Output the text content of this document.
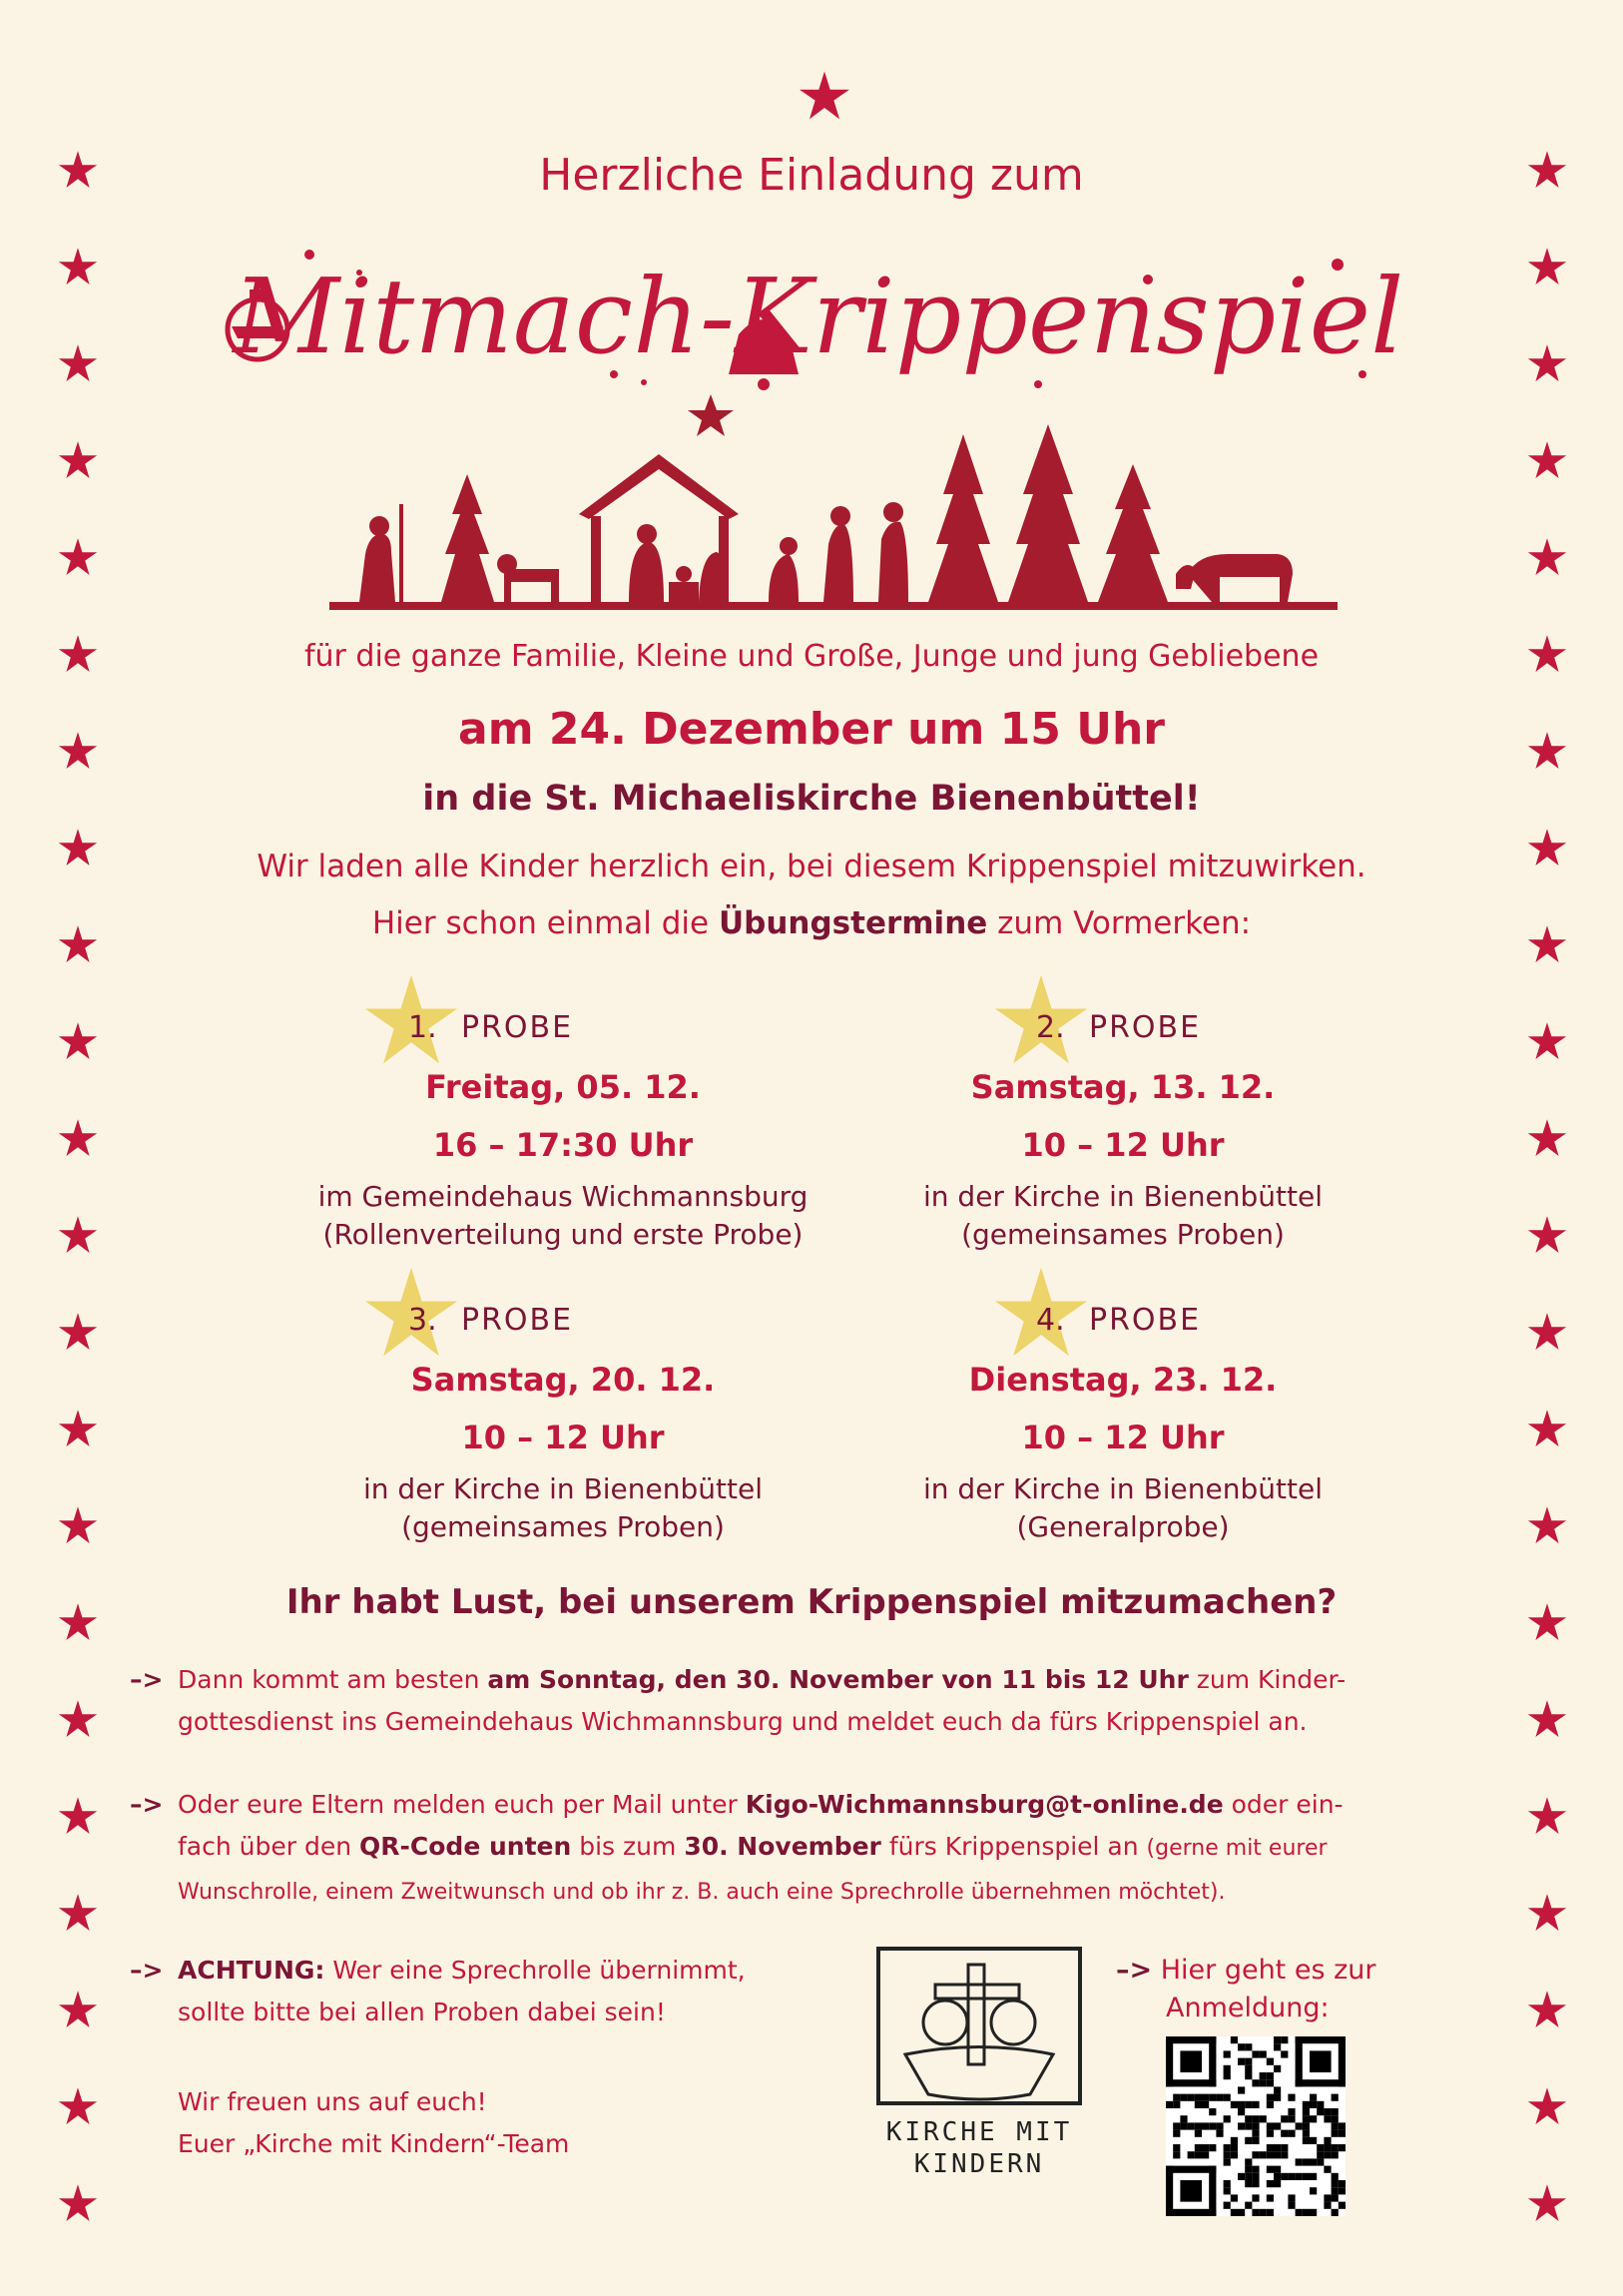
Herzliche Einladung zum
Mitmach-Krippenspiel
für die ganze Familie, Kleine und Große, Junge und jung Gebliebene
am 24. Dezember um 15 Uhr
in die St. Michaeliskirche Bienenbüttel!
Wir laden alle Kinder herzlich ein, bei diesem Krippenspiel mitzuwirken.
Hier schon einmal die Übungstermine zum Vormerken:
1. PROBE
Freitag, 05. 12.
16 – 17:30 Uhr
im Gemeindehaus Wichmannsburg
(Rollenverteilung und erste Probe)
2. PROBE
Samstag, 13. 12.
10 – 12 Uhr
in der Kirche in Bienenbüttel
(gemeinsames Proben)
3. PROBE
Samstag, 20. 12.
10 – 12 Uhr
in der Kirche in Bienenbüttel
(gemeinsames Proben)
4. PROBE
Dienstag, 23. 12.
10 – 12 Uhr
in der Kirche in Bienenbüttel
(Generalprobe)
Ihr habt Lust, bei unserem Krippenspiel mitzumachen?
–> Dann kommt am besten am Sonntag, den 30. November von 11 bis 12 Uhr zum Kinder-
gottesdienst ins Gemeindehaus Wichmannsburg und meldet euch da fürs Krippenspiel an.
–> Oder eure Eltern melden euch per Mail unter Kigo-Wichmannsburg@t-online.de oder ein-
fach über den QR-Code unten bis zum 30. November fürs Krippenspiel an (gerne mit eurer
Wunschrolle, einem Zweitwunsch und ob ihr z. B. auch eine Sprechrolle übernehmen möchtet).
–> ACHTUNG: Wer eine Sprechrolle übernimmt,
sollte bitte bei allen Proben dabei sein!
Wir freuen uns auf euch!
Euer „Kirche mit Kindern“-Team	KIRCHE MIT
KINDERN
–> Hier geht es zur
Anmeldung:
